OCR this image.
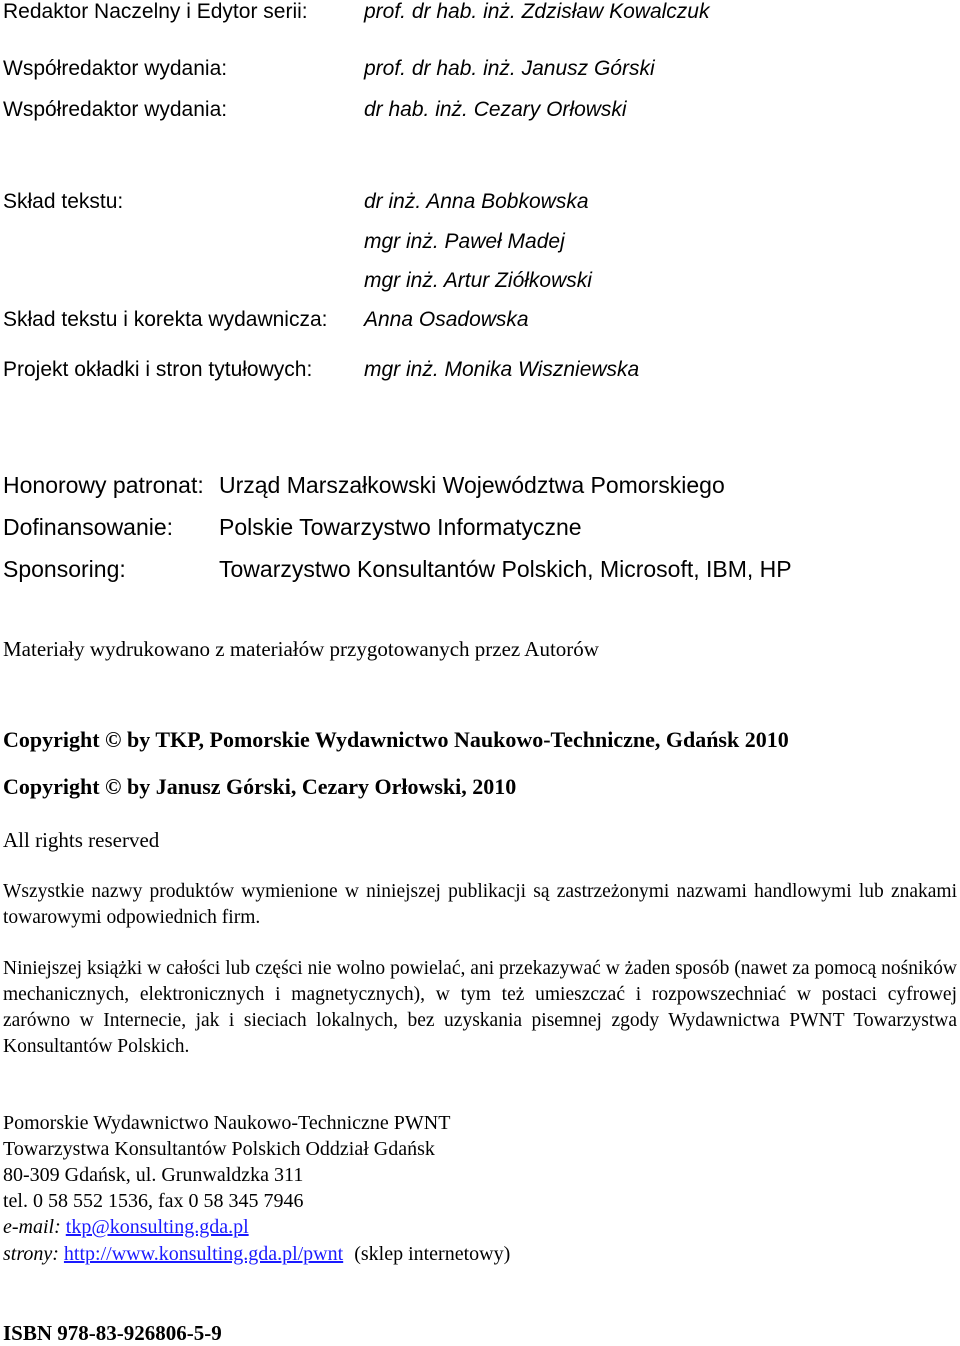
Redaktor Naczelny i Edytor serii:	prof. dr hab. inż. Zdzisław Kowalczuk
Współredaktor wydania:	prof. dr hab. inż. Janusz Górski
Współredaktor wydania:	dr hab. inż. Cezary Orłowski
Skład tekstu:	dr inż. Anna Bobkowska
mgr inż. Paweł Madej
mgr inż. Artur Ziółkowski
Skład tekstu i korekta wydawnicza: Anna Osadowska
Projekt okładki i stron tytułowych: mgr inż. Monika Wiszniewska
Honorowy patronat: Urząd Marszałkowski Województwa Pomorskiego
Dofinansowanie: Polskie Towarzystwo Informatyczne
Sponsoring:	Towarzystwo Konsultantów Polskich, Microsoft, IBM, HP
Materiały wydrukowano z materiałów przygotowanych przez Autorów
Copyright © by TKP, Pomorskie Wydawnictwo Naukowo-Techniczne, Gdańsk 2010
Copyright © by Janusz Górski, Cezary Orłowski, 2010
All rights reserved
Wszystkie nazwy produktów wymienione w niniejszej publikacji są zastrzeżonymi nazwami handlowymi lub znakami towarowymi odpowiednich firm.
Niniejszej książki w całości lub części nie wolno powielać, ani przekazywać w żaden sposób (nawet za pomocą nośników mechanicznych, elektronicznych i magnetycznych), w tym też umieszczać i rozpowszechniać w postaci cyfrowej zarówno w Internecie, jak i sieciach lokalnych, bez uzyskania pisemnej zgody Wydawnictwa PWNT Towarzystwa Konsultantów Polskich.
Pomorskie Wydawnictwo Naukowo-Techniczne PWNT
Towarzystwa Konsultantów Polskich Oddział Gdańsk
80-309 Gdańsk, ul. Grunwaldzka 311
tel. 0 58 552 1536, fax 0 58 345 7946
e-mail: tkp@konsulting.gda.pl
strony: http://www.konsulting.gda.pl/pwnt (sklep internetowy)
ISBN 978-83-926806-5-9
